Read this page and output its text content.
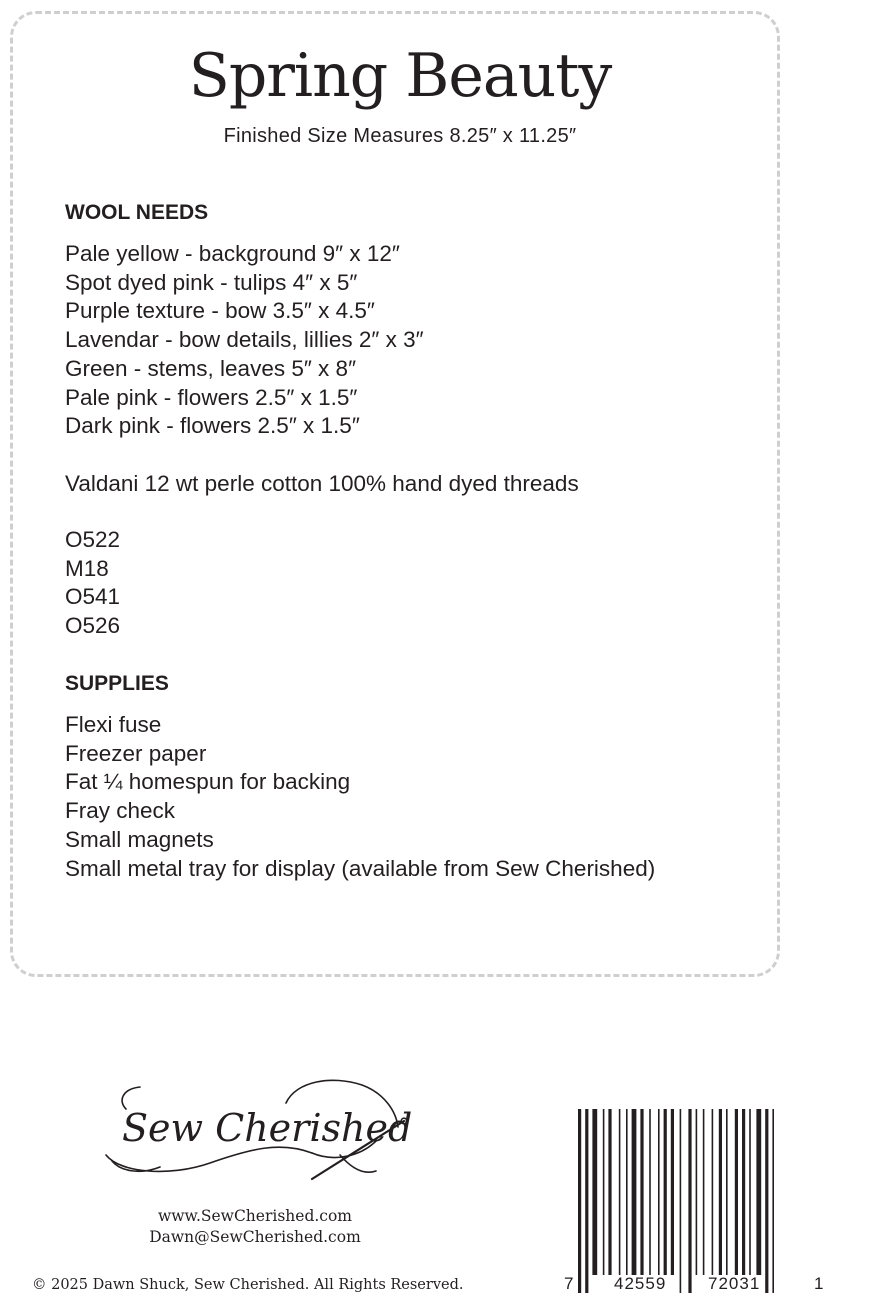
Spring Beauty
Finished Size Measures 8.25″ x 11.25″
WOOL NEEDS
Pale yellow - background 9″ x 12″
Spot dyed pink - tulips 4″ x 5″
Purple texture - bow 3.5″ x 4.5″
Lavendar - bow details, lillies 2″ x 3″
Green - stems, leaves 5″ x 8″
Pale pink - flowers 2.5″ x 1.5″
Dark pink - flowers 2.5″ x 1.5″
Valdani 12 wt perle cotton 100% hand dyed threads
O522
M18
O541
O526
SUPPLIES
Flexi fuse
Freezer paper
Fat ¼ homespun for backing
Fray check
Small magnets
Small metal tray for display (available from Sew Cherished)
Sew Cherished
www.SewCherished.com
Dawn@SewCherished.com
© 2025 Dawn Shuck, Sew Cherished. All Rights Reserved.	7 42559 72031	1
